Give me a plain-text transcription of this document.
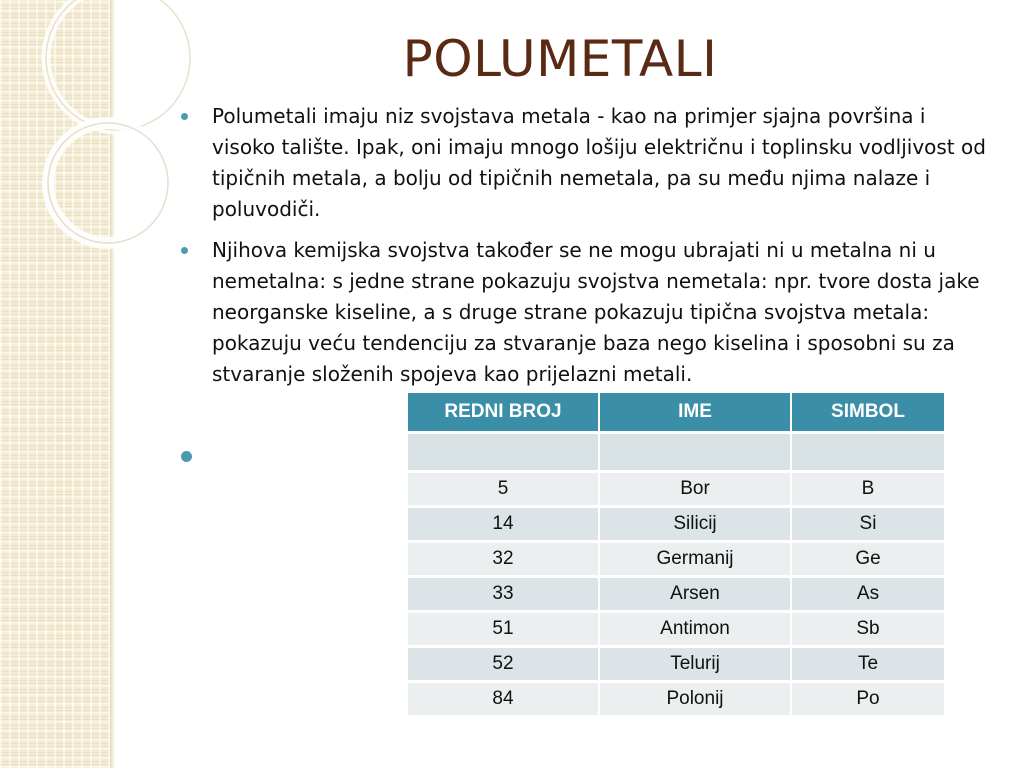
POLUMETALI

Polumetali imaju niz svojstava metala - kao na primjer sjajna površina i visoko talište. Ipak, oni imaju mnogo lošiju električnu i toplinsku vodljivost od tipičnih metala, a bolju od tipičnih nemetala, pa su među njima nalaze i poluvodiči.

Njihova kemijska svojstva također se ne mogu ubrajati ni u metalna ni u nemetalna: s jedne strane pokazuju svojstva nemetala: npr. tvore dosta jake neorganske kiseline, a s druge strane pokazuju tipična svojstva metala: pokazuju veću tendenciju za stvaranje baza nego kiselina i sposobni su za stvaranje složenih spojeva kao prijelazni metali.

REDNI BROJ	IME	SIMBOL

5	Bor	B
14	Silicij	Si
32	Germanij	Ge
33	Arsen	As
51	Antimon	Sb
52	Telurij	Te
84	Polonij	Po
